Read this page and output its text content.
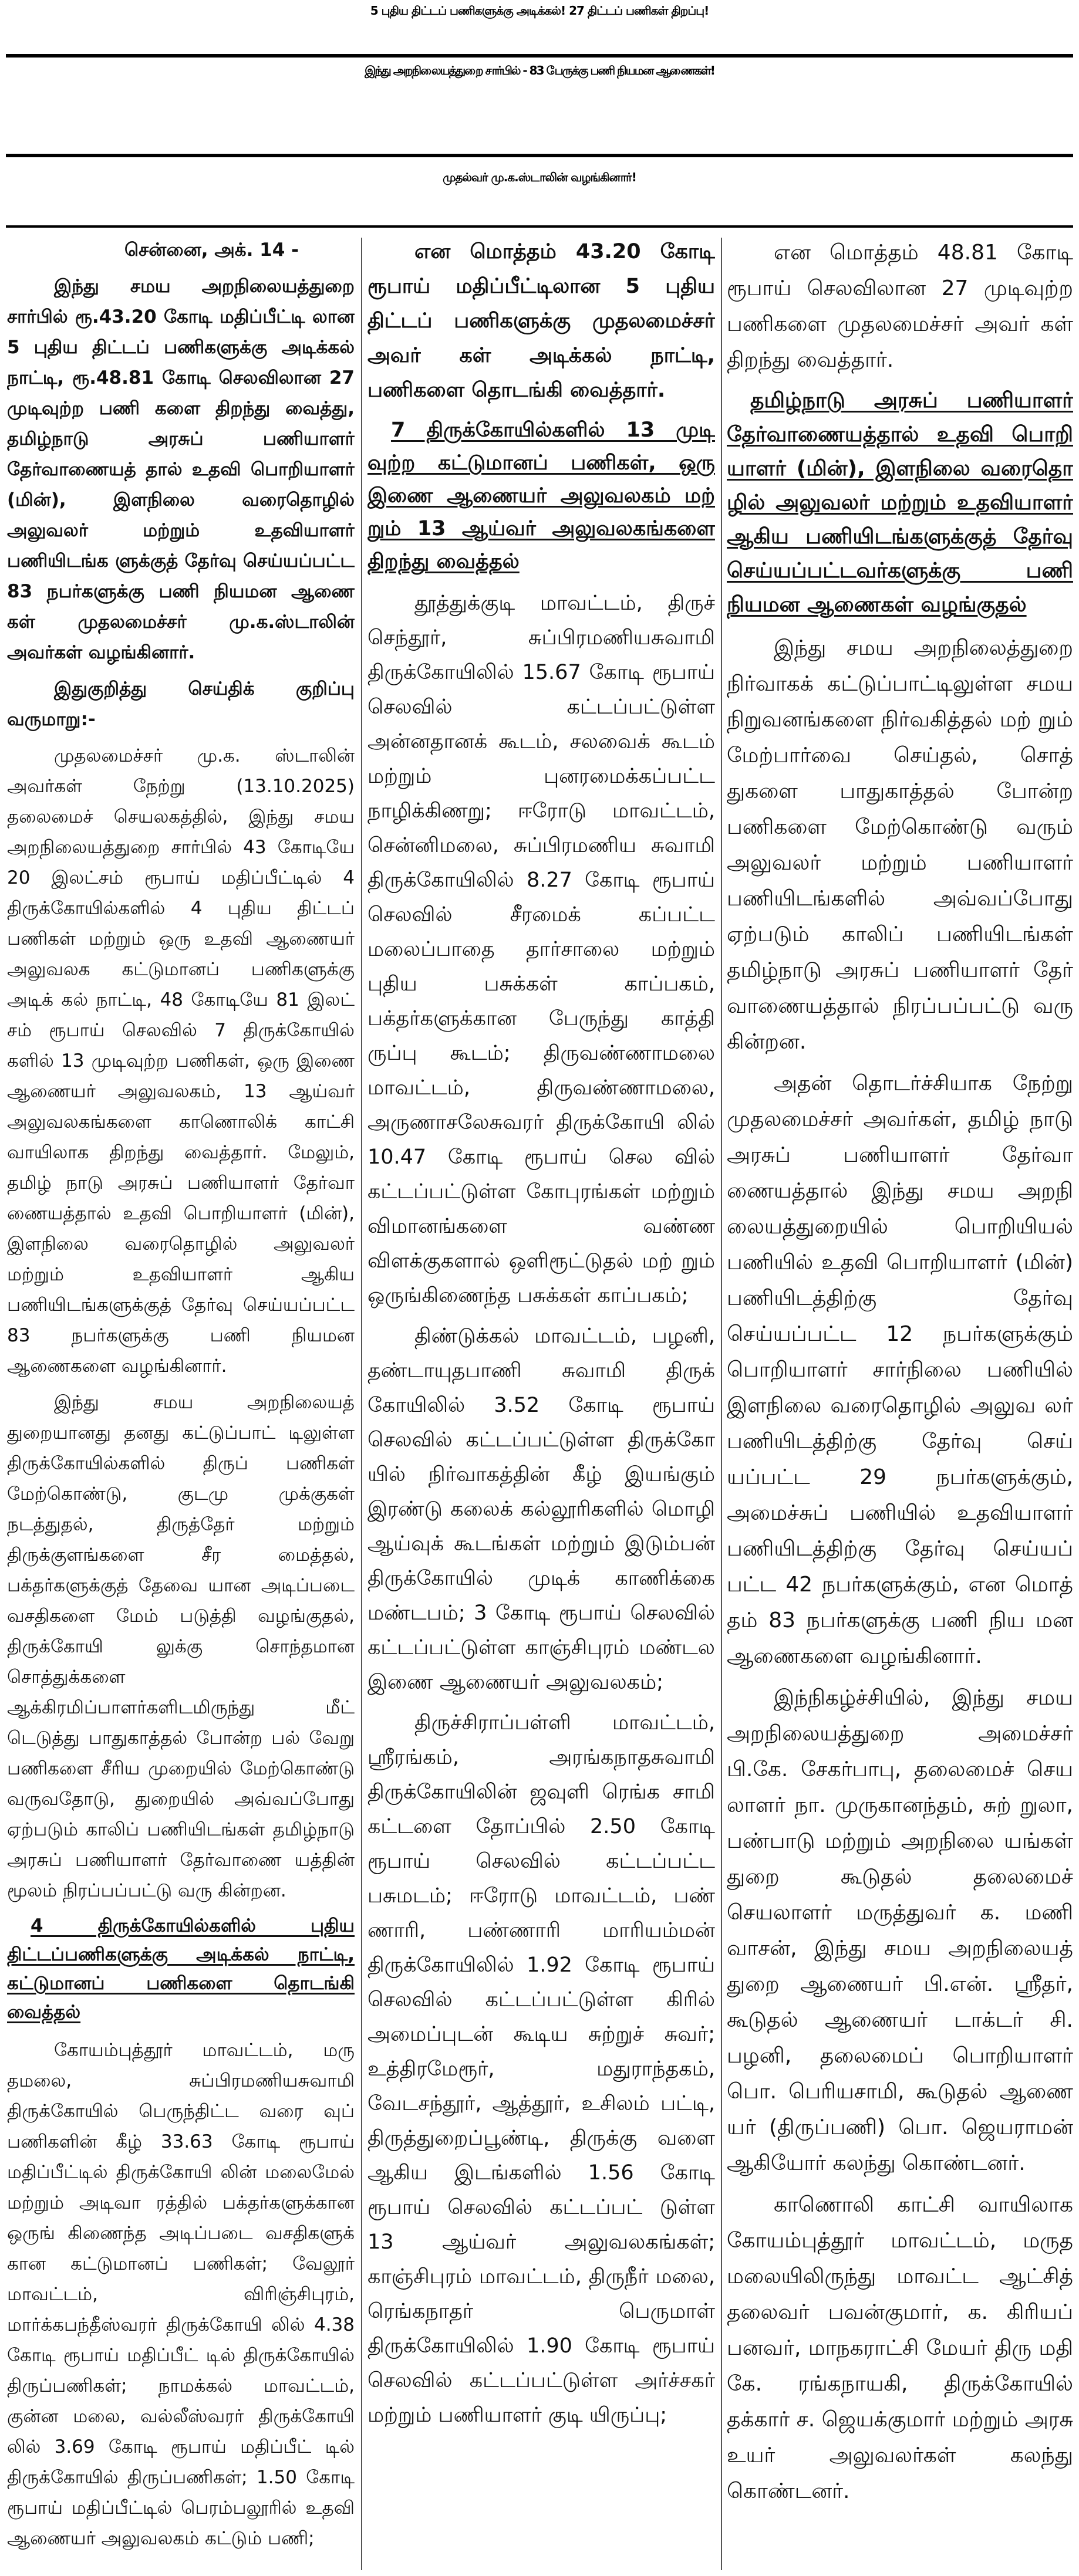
5 புதிய திட்டப் பணிகளுக்கு அடிக்கல்! 27 திட்டப் பணிகள் திறப்பு!
இந்து அறநிலையத்துறை சார்பில் - 83 பேருக்கு பணி நியமன ஆணைகள்!
முதல்வர் மு.க.ஸ்டாலின் வழங்கினார்!

சென்னை, அக். 14 -

இந்து சமய அறநிலையத்துறை சார்பில் ரூ.43.20 கோடி மதிப்பீட்டி லான 5 புதிய திட்டப் பணிகளுக்கு அடிக்கல் நாட்டி, ரூ.48.81 கோடி செலவிலான 27 முடிவுற்ற பணி களை திறந்து வைத்து, தமிழ்நாடு அரசுப் பணியாளர் தேர்வாணையத் தால் உதவி பொறியாளர் (மின்), இளநிலை வரைதொழில் அலுவலர் மற்றும் உதவியாளர் பணியிடங்க ளுக்குத் தேர்வு செய்யப்பட்ட 83 நபர்களுக்கு பணி நியமன ஆணை கள் முதலமைச்சர் மு.க.ஸ்டாலின் அவர்கள் வழங்கினார்.

இதுகுறித்து செய்திக் குறிப்பு வருமாறு:-

முதலமைச்சர் மு.க. ஸ்டாலின் அவர்கள் நேற்று (13.10.2025) தலைமைச் செயலகத்தில், இந்து சமய அறநிலையத்துறை சார்பில் 43 கோடியே 20 இலட்சம் ரூபாய் மதிப்பீட்டில் 4 திருக்கோயில்களில் 4 புதிய திட்டப் பணிகள் மற்றும் ஒரு உதவி ஆணையர் அலுவலக கட்டுமானப் பணிகளுக்கு அடிக் கல் நாட்டி, 48 கோடியே 81 இலட் சம் ரூபாய் செலவில் 7 திருக்கோயில் களில் 13 முடிவுற்ற பணிகள், ஒரு இணை ஆணையர் அலுவலகம், 13 ஆய்வர் அலுவலகங்களை காணொலிக் காட்சி வாயிலாக திறந்து வைத்தார். மேலும், தமிழ் நாடு அரசுப் பணியாளர் தேர்வா ணையத்தால் உதவி பொறியாளர் (மின்), இளநிலை வரைதொழில் அலுவலர் மற்றும் உதவியாளர் ஆகிய பணியிடங்களுக்குத் தேர்வு செய்யப்பட்ட 83 நபர்களுக்கு பணி நியமன ஆணைகளை வழங்கினார்.

இந்து சமய அறநிலையத் துறையானது தனது கட்டுப்பாட் டிலுள்ள திருக்கோயில்களில் திருப் பணிகள் மேற்கொண்டு, குடமு முக்குகள் நடத்துதல், திருத்தேர் மற்றும் திருக்குளங்களை சீர மைத்தல், பக்தர்களுக்குத் தேவை யான அடிப்படை வசதிகளை மேம் படுத்தி வழங்குதல், திருக்கோயி லுக்கு சொந்தமான சொத்துக்களை ஆக்கிரமிப்பாளர்களிடமிருந்து மீட் டெடுத்து பாதுகாத்தல் போன்ற பல் வேறு பணிகளை சீரிய முறையில் மேற்கொண்டு வருவதோடு, துறையில் அவ்வப்போது ஏற்படும் காலிப் பணியிடங்கள் தமிழ்நாடு அரசுப் பணியாளர் தேர்வாணை யத்தின் மூலம் நிரப்பப்பட்டு வரு கின்றன.

4 திருக்கோயில்களில் புதிய திட்டப்பணிகளுக்கு அடிக்கல் நாட்டி, கட்டுமானப் பணிகளை தொடங்கி வைத்தல்

கோயம்புத்தூர் மாவட்டம், மரு தமலை, சுப்பிரமணியசுவாமி திருக்கோயில் பெருந்திட்ட வரை வுப் பணிகளின் கீழ் 33.63 கோடி ரூபாய் மதிப்பீட்டில் திருக்கோயி லின் மலைமேல் மற்றும் அடிவா ரத்தில் பக்தர்களுக்கான ஒருங் கிணைந்த அடிப்படை வசதிகளுக் கான கட்டுமானப் பணிகள்; வேலூர் மாவட்டம், விரிஞ்சிபுரம், மார்க்கபந்தீஸ்வரர் திருக்கோயி லில் 4.38 கோடி ரூபாய் மதிப்பீட் டில் திருக்கோயில் திருப்பணிகள்; நாமக்கல் மாவட்டம், குன்ன மலை, வல்லீஸ்வரர் திருக்கோயி லில் 3.69 கோடி ரூபாய் மதிப்பீட் டில் திருக்கோயில் திருப்பணிகள்; 1.50 கோடி ரூபாய் மதிப்பீட்டில் பெரம்பலூரில் உதவி ஆணையர் அலுவலகம் கட்டும் பணி;

என மொத்தம் 43.20 கோடி ரூபாய் மதிப்பீட்டிலான 5 புதிய திட்டப் பணிகளுக்கு முதலமைச்சர் அவர் கள் அடிக்கல் நாட்டி, பணிகளை தொடங்கி வைத்தார்.

7 திருக்கோயில்களில் 13 முடி வுற்ற கட்டுமானப் பணிகள், ஒரு இணை ஆணையர் அலுவலகம் மற் றும் 13 ஆய்வர் அலுவலகங்களை திறந்து வைத்தல்

தூத்துக்குடி மாவட்டம், திருச் செந்தூர், சுப்பிரமணியசுவாமி திருக்கோயிலில் 15.67 கோடி ரூபாய் செலவில் கட்டப்பட்டுள்ள அன்னதானக் கூடம், சலவைக் கூடம் மற்றும் புனரமைக்கப்பட்ட நாழிக்கிணறு; ஈரோடு மாவட்டம், சென்னிமலை, சுப்பிரமணிய சுவாமி திருக்கோயிலில் 8.27 கோடி ரூபாய் செலவில் சீரமைக் கப்பட்ட மலைப்பாதை தார்சாலை மற்றும் புதிய பசுக்கள் காப்பகம், பக்தர்களுக்கான பேருந்து காத்தி ருப்பு கூடம்; திருவண்ணாமலை மாவட்டம், திருவண்ணாமலை, அருணாசலேசுவரர் திருக்கோயி லில் 10.47 கோடி ரூபாய் செல வில் கட்டப்பட்டுள்ள கோபுரங்கள் மற்றும் விமானங்களை வண்ண விளக்குகளால் ஒளிரூட்டுதல் மற் றும் ஒருங்கிணைந்த பசுக்கள் காப்பகம்;

திண்டுக்கல் மாவட்டம், பழனி, தண்டாயுதபாணி சுவாமி திருக் கோயிலில் 3.52 கோடி ரூபாய் செலவில் கட்டப்பட்டுள்ள திருக்கோ யில் நிர்வாகத்தின் கீழ் இயங்கும் இரண்டு கலைக் கல்லூரிகளில் மொழி ஆய்வுக் கூடங்கள் மற்றும் இடும்பன் திருக்கோயில் முடிக் காணிக்கை மண்டபம்; 3 கோடி ரூபாய் செலவில் கட்டப்பட்டுள்ள காஞ்சிபுரம் மண்டல இணை ஆணையர் அலுவலகம்;

திருச்சிராப்பள்ளி மாவட்டம், ஸ்ரீரங்கம், அரங்கநாதசுவாமி திருக்கோயிலின் ஜவுளி ரெங்க சாமி கட்டளை தோப்பில் 2.50 கோடி ரூபாய் செலவில் கட்டப்பட்ட பசுமடம்; ஈரோடு மாவட்டம், பண் ணாரி, பண்ணாரி மாரியம்மன் திருக்கோயிலில் 1.92 கோடி ரூபாய் செலவில் கட்டப்பட்டுள்ள கிரில் அமைப்புடன் கூடிய சுற்றுச் சுவர்; உத்திரமேரூர், மதுராந்தகம், வேடசந்தூர், ஆத்தூர், உசிலம் பட்டி, திருத்துறைப்பூண்டி, திருக்கு வளை ஆகிய இடங்களில் 1.56 கோடி ரூபாய் செலவில் கட்டப்பட் டுள்ள 13 ஆய்வர் அலுவலகங்கள்; காஞ்சிபுரம் மாவட்டம், திருநீர் மலை, ரெங்கநாதர் பெருமாள் திருக்கோயிலில் 1.90 கோடி ரூபாய் செலவில் கட்டப்பட்டுள்ள அர்ச்சகர் மற்றும் பணியாளர் குடி யிருப்பு;

என மொத்தம் 48.81 கோடி ரூபாய் செலவிலான 27 முடிவுற்ற பணிகளை முதலமைச்சர் அவர் கள் திறந்து வைத்தார்.

தமிழ்நாடு அரசுப் பணியாளர் தேர்வாணையத்தால் உதவி பொறி யாளர் (மின்), இளநிலை வரைதொ ழில் அலுவலர் மற்றும் உதவியாளர் ஆகிய பணியிடங்களுக்குத் தேர்வு செய்யப்பட்டவர்களுக்கு பணி நியமன ஆணைகள் வழங்குதல்

இந்து சமய அறநிலைத்துறை நிர்வாகக் கட்டுப்பாட்டிலுள்ள சமய நிறுவனங்களை நிர்வகித்தல் மற் றும் மேற்பார்வை செய்தல், சொத் துகளை பாதுகாத்தல் போன்ற பணிகளை மேற்கொண்டு வரும் அலுவலர் மற்றும் பணியாளர் பணியிடங்களில் அவ்வப்போது ஏற்படும் காலிப் பணியிடங்கள் தமிழ்நாடு அரசுப் பணியாளர் தேர் வாணையத்தால் நிரப்பப்பட்டு வரு கின்றன.

அதன் தொடர்ச்சியாக நேற்று முதலமைச்சர் அவர்கள், தமிழ் நாடு அரசுப் பணியாளர் தேர்வா ணையத்தால் இந்து சமய அறநி லையத்துறையில் பொறியியல் பணியில் உதவி பொறியாளர் (மின்) பணியிடத்திற்கு தேர்வு செய்யப்பட்ட 12 நபர்களுக்கும் பொறியாளர் சார்நிலை பணியில் இளநிலை வரைதொழில் அலுவ லர் பணியிடத்திற்கு தேர்வு செய் யப்பட்ட 29 நபர்களுக்கும், அமைச்சுப் பணியில் உதவியாளர் பணியிடத்திற்கு தேர்வு செய்யப் பட்ட 42 நபர்களுக்கும், என மொத் தம் 83 நபர்களுக்கு பணி நிய மன ஆணைகளை வழங்கினார்.

இந்நிகழ்ச்சியில், இந்து சமய அறநிலையத்துறை அமைச்சர் பி.கே. சேகர்பாபு, தலைமைச் செய லாளர் நா. முருகானந்தம், சுற் றுலா, பண்பாடு மற்றும் அறநிலை யங்கள் துறை கூடுதல் தலைமைச் செயலாளர் மருத்துவர் க. மணி வாசன், இந்து சமய அறநிலையத் துறை ஆணையர் பி.என். ஸ்ரீதர், கூடுதல் ஆணையர் டாக்டர் சி. பழனி, தலைமைப் பொறியாளர் பொ. பெரியசாமி, கூடுதல் ஆணை யர் (திருப்பணி) பொ. ஜெயராமன் ஆகியோர் கலந்து கொண்டனர்.

காணொலி காட்சி வாயிலாக கோயம்புத்தூர் மாவட்டம், மருத மலையிலிருந்து மாவட்ட ஆட்சித் தலைவர் பவன்குமார், க. கிரியப் பனவர், மாநகராட்சி மேயர் திரு மதி கே. ரங்கநாயகி, திருக்கோயில் தக்கார் ச. ஜெயக்குமார் மற்றும் அரசு உயர் அலுவலர்கள் கலந்து கொண்டனர்.
